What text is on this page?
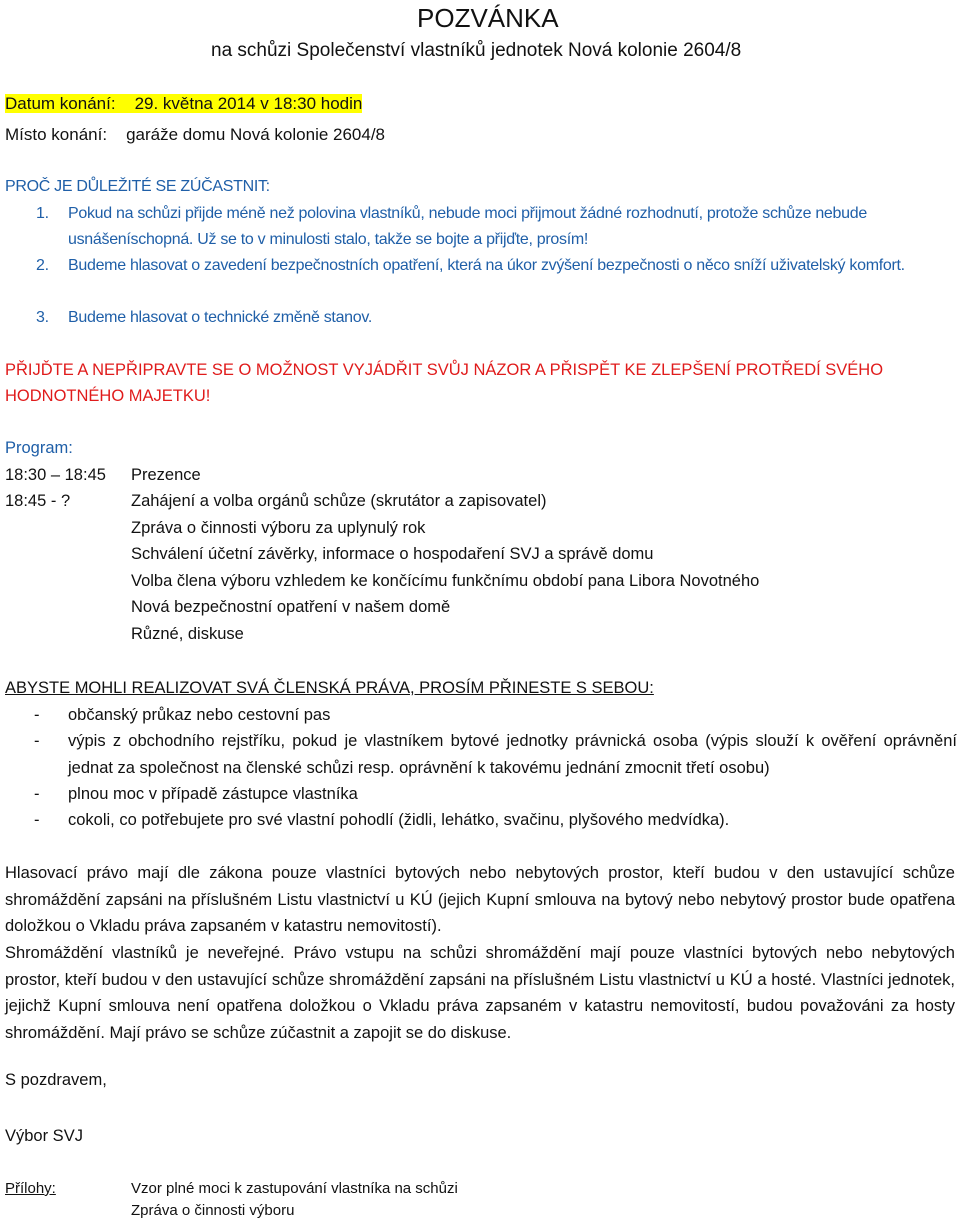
POZVÁNKA
na schůzi Společenství vlastníků jednotek Nová kolonie 2604/8
Datum konání: 29. května 2014 v 18:30 hodin
Místo konání: garáže domu Nová kolonie 2604/8
PROČ JE DŮLEŽITÉ SE ZÚČASTNIT:
1. Pokud na schůzi přijde méně než polovina vlastníků, nebude moci přijmout žádné rozhodnutí, protože schůze nebude usnášeníschopná. Už se to v minulosti stalo, takže se bojte a přijďte, prosím!
2. Budeme hlasovat o zavedení bezpečnostních opatření, která na úkor zvýšení bezpečnosti o něco sníží uživatelský komfort.
3. Budeme hlasovat o technické změně stanov.
PŘIJĎTE A NEPŘIPRAVTE SE O MOŽNOST VYJÁDŘIT SVŮJ NÁZOR A PŘISPĚT KE ZLEPŠENÍ PROTŘEDÍ SVÉHO HODNOTNÉHO MAJETKU!
Program:
18:30 – 18:45 Prezence
18:45 - ?	Zahájení a volba orgánů schůze (skrutátor a zapisovatel)
Zpráva o činnosti výboru za uplynulý rok
Schválení účetní závěrky, informace o hospodaření SVJ a správě domu
Volba člena výboru vzhledem ke končícímu funkčnímu období pana Libora Novotného
Nová bezpečnostní opatření v našem domě
Různé, diskuse
ABYSTE MOHLI REALIZOVAT SVÁ ČLENSKÁ PRÁVA, PROSÍM PŘINESTE S SEBOU:
- občanský průkaz nebo cestovní pas
- výpis z obchodního rejstříku, pokud je vlastníkem bytové jednotky právnická osoba (výpis slouží k ověření oprávnění jednat za společnost na členské schůzi resp. oprávnění k takovému jednání zmocnit třetí osobu)
- plnou moc v případě zástupce vlastníka
- cokoli, co potřebujete pro své vlastní pohodlí (židli, lehátko, svačinu, plyšového medvídka).
Hlasovací právo mají dle zákona pouze vlastníci bytových nebo nebytových prostor, kteří budou v den ustavující schůze shromáždění zapsáni na příslušném Listu vlastnictví u KÚ (jejich Kupní smlouva na bytový nebo nebytový prostor bude opatřena doložkou o Vkladu práva zapsaném v katastru nemovitostí).
Shromáždění vlastníků je neveřejné. Právo vstupu na schůzi shromáždění mají pouze vlastníci bytových nebo nebytových prostor, kteří budou v den ustavující schůze shromáždění zapsáni na příslušném Listu vlastnictví u KÚ a hosté. Vlastníci jednotek, jejichž Kupní smlouva není opatřena doložkou o Vkladu práva zapsaném v katastru nemovitostí, budou považováni za hosty shromáždění. Mají právo se schůze zúčastnit a zapojit se do diskuse.
S pozdravem,
Výbor SVJ
Přílohy:	Vzor plné moci k zastupování vlastníka na schůzi
Zpráva o činnosti výboru
